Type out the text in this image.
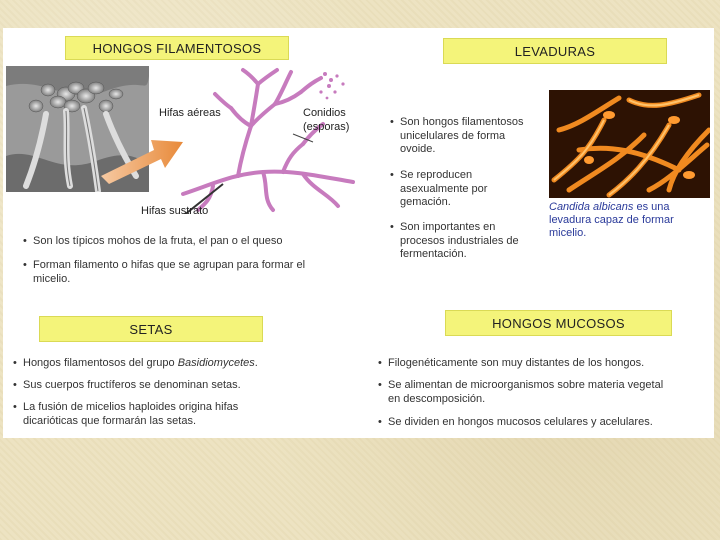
HONGOS FILAMENTOSOS
Hifas aéreas	Conidios
(esporas)
Hifas sustrato
• Son los típicos mohos de la fruta, el pan o el queso
• Forman filamento o hifas que se agrupan para formar el
micelio.
LEVADURAS
• Son hongos filamentosos
unicelulares de forma
ovoide.
• Se reproducen
asexualmente por
gemación.
• Son importantes en
procesos industriales de
fermentación.
Candida albicans es una
levadura capaz de formar
micelio.
SETAS
• Hongos filamentosos del grupo Basidiomycetes.
• Sus cuerpos fructíferos se denominan setas.
• La fusión de micelios haploides origina hifas
dicarióticas que formarán las setas.
HONGOS MUCOSOS
• Filogenéticamente son muy distantes de los hongos.
• Se alimentan de microorganismos sobre materia vegetal
en descomposición.
• Se dividen en hongos mucosos celulares y acelulares.
